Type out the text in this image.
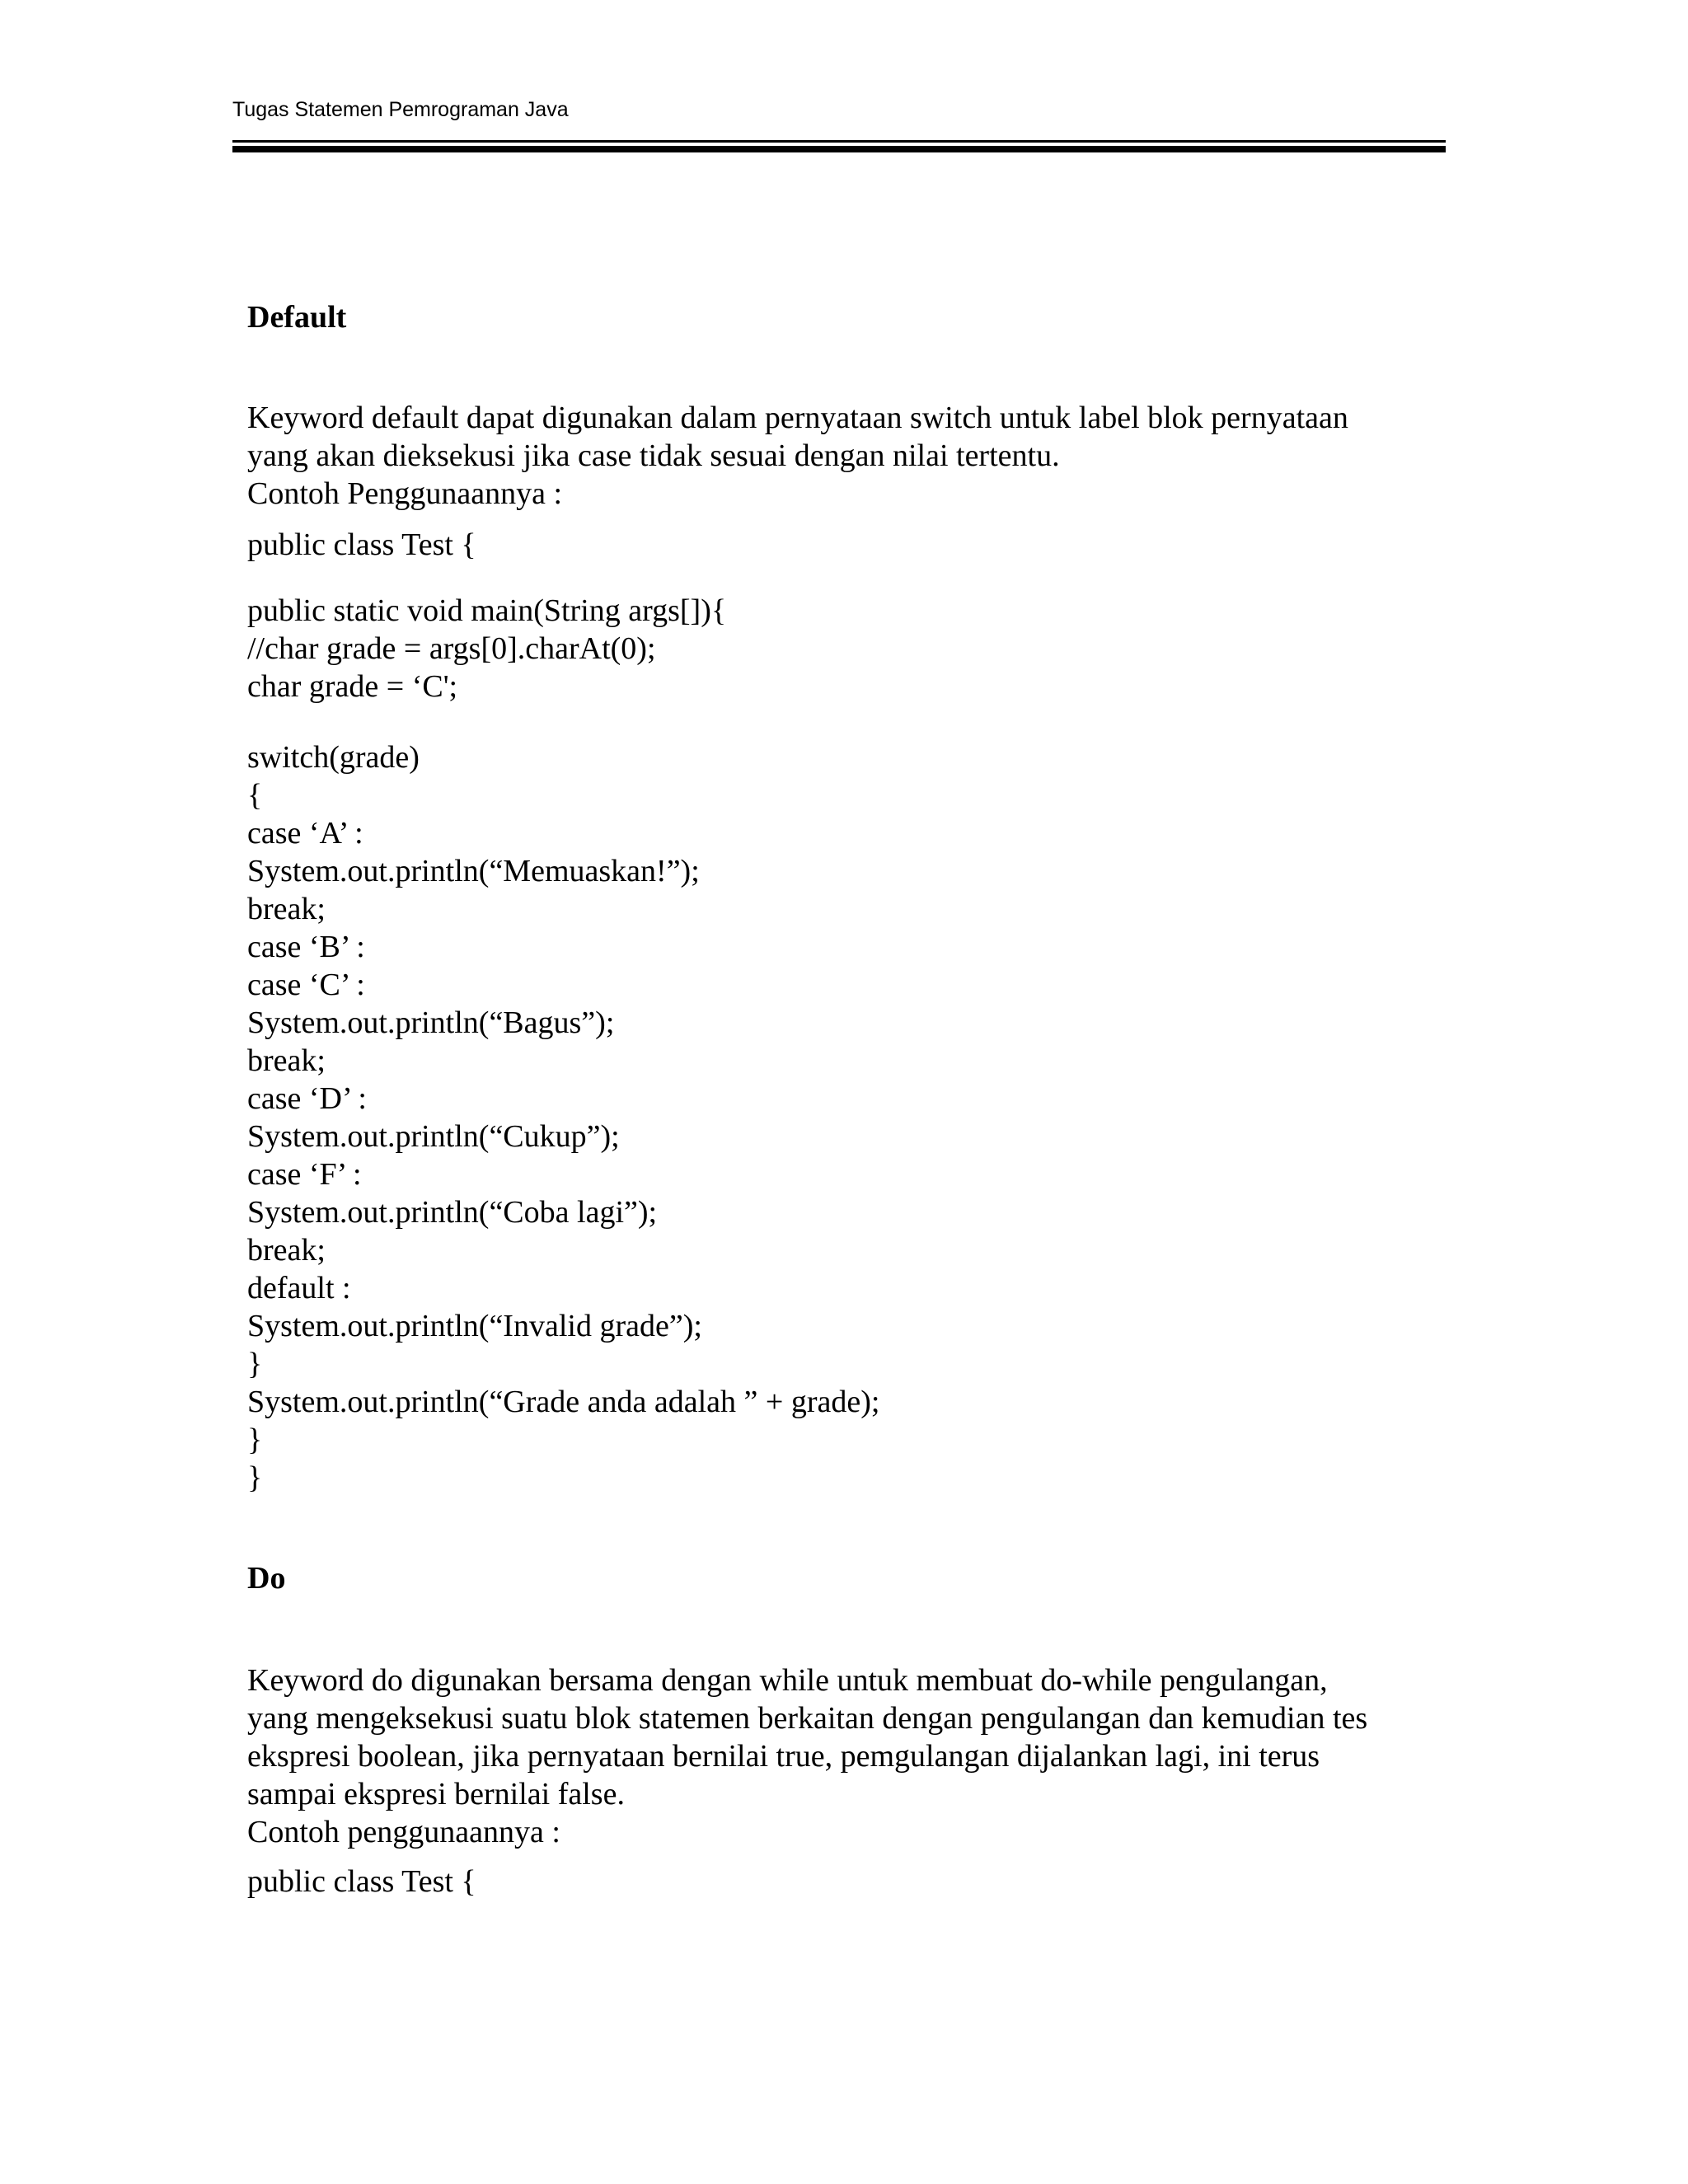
Tugas Statemen Pemrograman Java
Default
Keyword default dapat digunakan dalam pernyataan switch untuk label blok pernyataan
yang akan dieksekusi jika case tidak sesuai dengan nilai tertentu.
Contoh Penggunaannya :
public class Test {
public static void main(String args[]){
//char grade = args[0].charAt(0);
char grade = ‘C';
switch(grade)
{
case ‘A’ :
System.out.println(“Memuaskan!”);
break;
case ‘B’ :
case ‘C’ :
System.out.println(“Bagus”);
break;
case ‘D’ :
System.out.println(“Cukup”);
case ‘F’ :
System.out.println(“Coba lagi”);
break;
default :
System.out.println(“Invalid grade”);
}
System.out.println(“Grade anda adalah ” + grade);
}
}
Do
Keyword do digunakan bersama dengan while untuk membuat do-while pengulangan,
yang mengeksekusi suatu blok statemen berkaitan dengan pengulangan dan kemudian tes
ekspresi boolean, jika pernyataan bernilai true, pemgulangan dijalankan lagi, ini terus
sampai ekspresi bernilai false.
Contoh penggunaannya :
public class Test {
